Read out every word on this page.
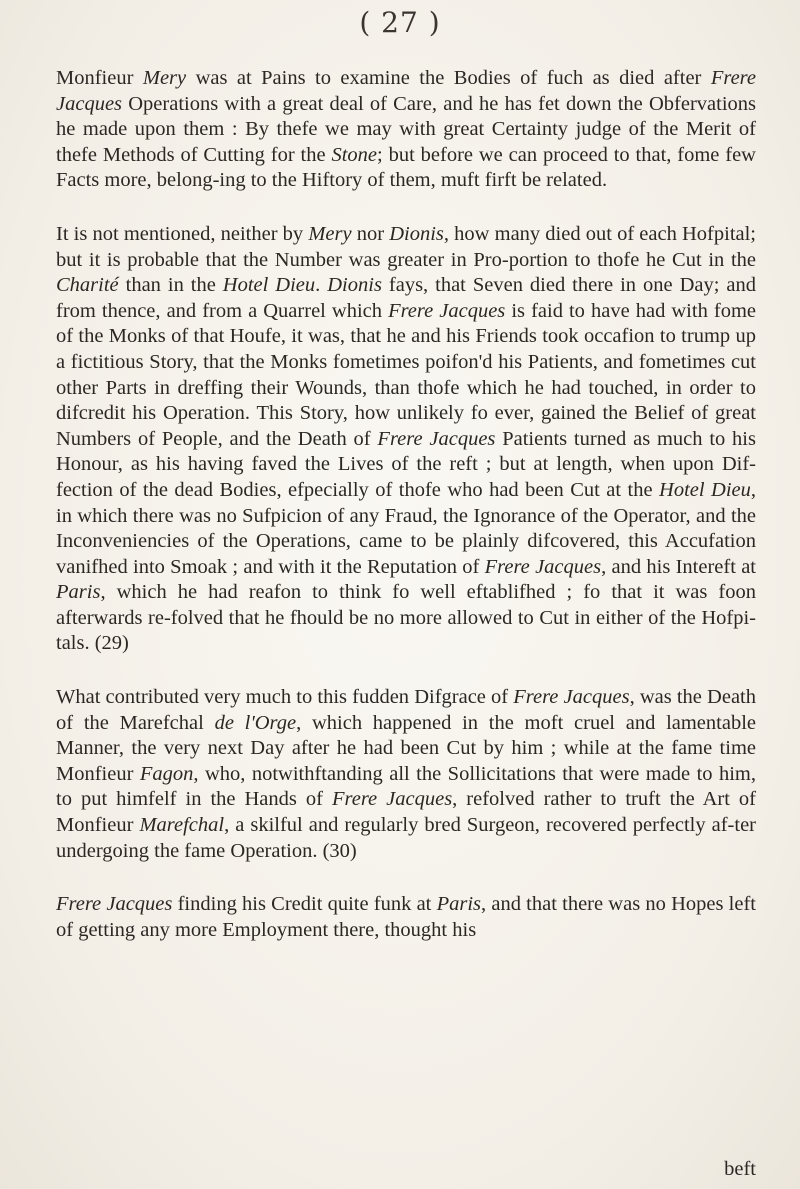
( 27 )

Monfieur Mery was at Pains to examine the Bodies of fuch as died after Frere Jacques Operations with a great deal of Care, and he has fet down the Obfervations he made upon them : By thefe we may with great Certainty judge of the Merit of thefe Methods of Cutting for the Stone; but before we can proceed to that, fome few Facts more, belong-ing to the Hiftory of them, muft firft be related.

It is not mentioned, neither by Mery nor Dionis, how many died out of each Hofpital; but it is probable that the Number was greater in Pro-portion to thofe he Cut in the Charité than in the Hotel Dieu. Dionis fays, that Seven died there in one Day; and from thence, and from a Quarrel which Frere Jacques is faid to have had with fome of the Monks of that Houfe, it was, that he and his Friends took occafion to trump up a fictitious Story, that the Monks fometimes poifon'd his Patients, and fometimes cut other Parts in dreffing their Wounds, than thofe which he had touched, in order to difcredit his Operation. This Story, how unlikely fo ever, gained the Belief of great Numbers of People, and the Death of Frere Jacques Patients turned as much to his Honour, as his having faved the Lives of the reft ; but at length, when upon Dif-fection of the dead Bodies, efpecially of thofe who had been Cut at the Hotel Dieu, in which there was no Sufpicion of any Fraud, the Ignorance of the Operator, and the Inconveniencies of the Operations, came to be plainly difcovered, this Accufation vanifhed into Smoak ; and with it the Reputation of Frere Jacques, and his Intereft at Paris, which he had reafon to think fo well eftablifhed ; fo that it was foon afterwards re-folved that he fhould be no more allowed to Cut in either of the Hofpi-tals. (29)

What contributed very much to this fudden Difgrace of Frere Jacques, was the Death of the Marefchal de l'Orge, which happened in the moft cruel and lamentable Manner, the very next Day after he had been Cut by him ; while at the fame time Monfieur Fagon, who, notwithftanding all the Sollicitations that were made to him, to put himfelf in the Hands of Frere Jacques, refolved rather to truft the Art of Monfieur Marefchal, a skilful and regularly bred Surgeon, recovered perfectly af-ter undergoing the fame Operation. (30)

Frere Jacques finding his Credit quite funk at Paris, and that there was no Hopes left of getting any more Employment there, thought his

beft
